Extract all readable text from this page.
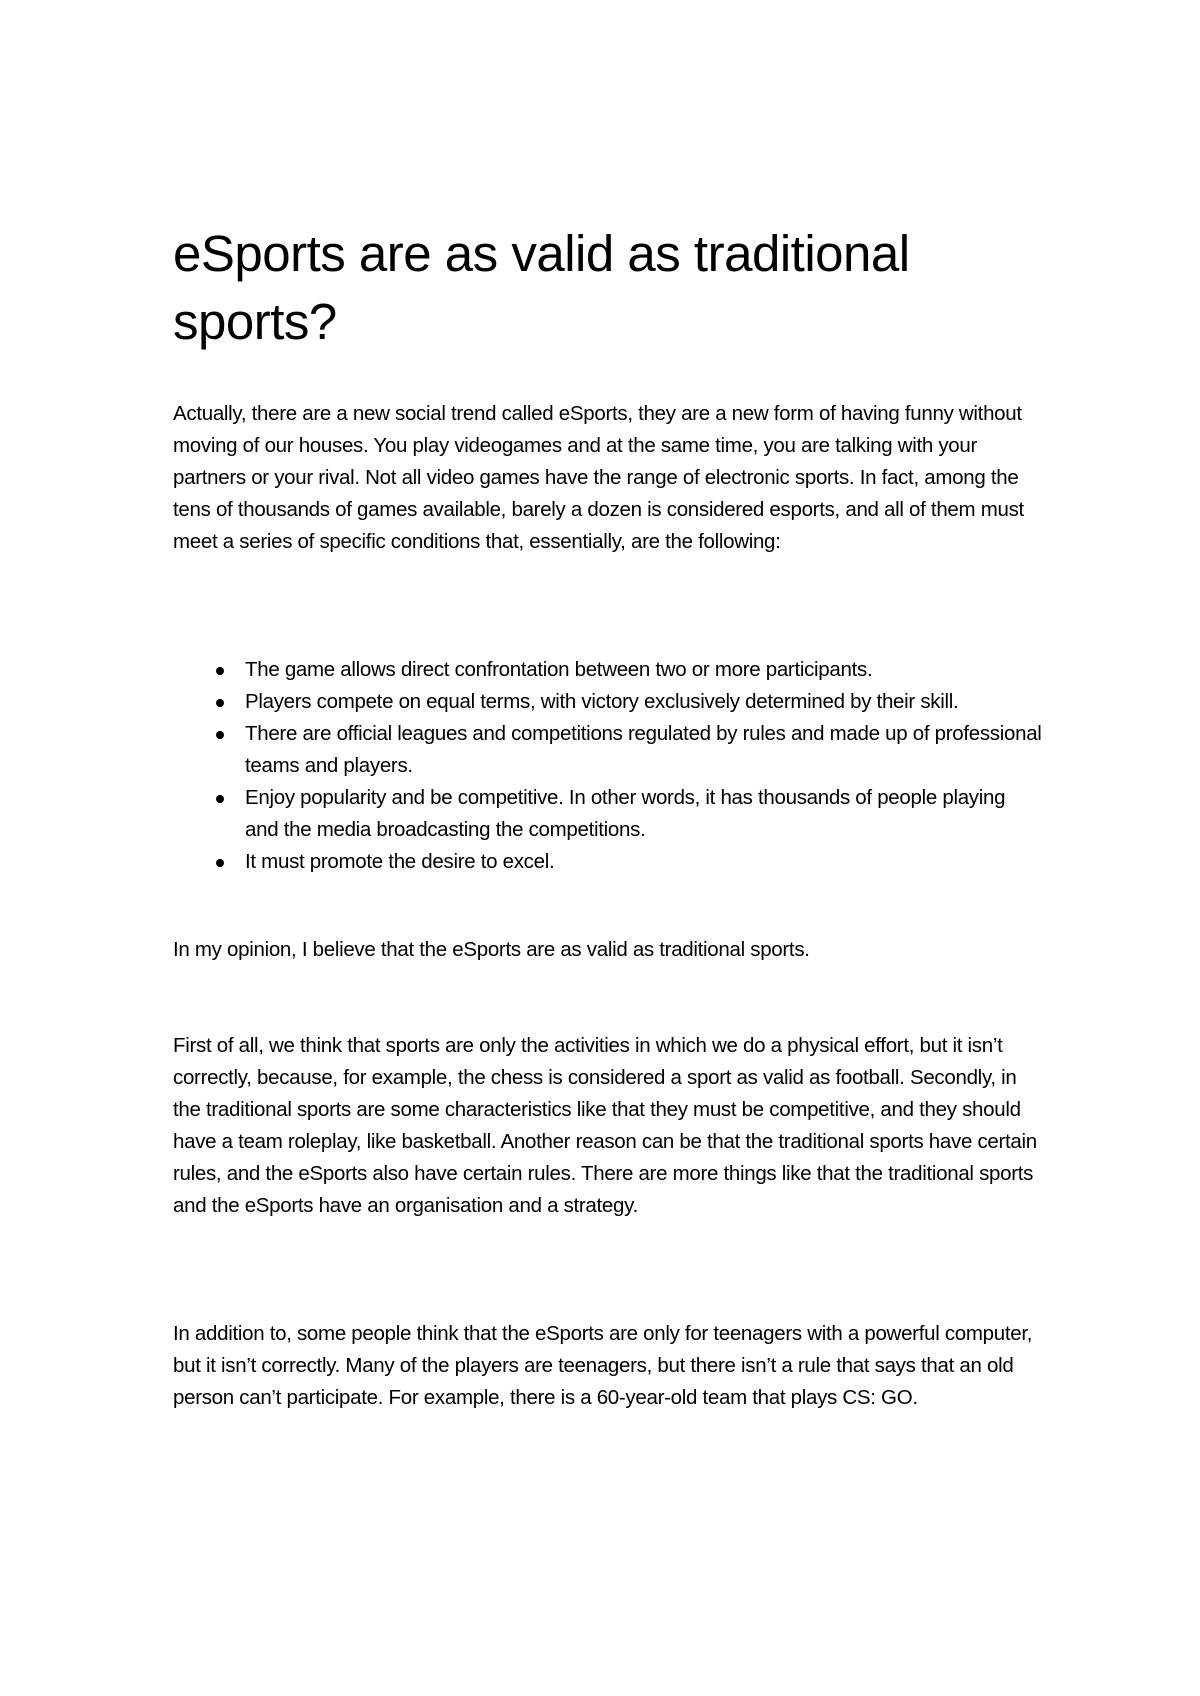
eSports are as valid as traditional sports?

Actually, there are a new social trend called eSports, they are a new form of having funny without moving of our houses. You play videogames and at the same time, you are talking with your partners or your rival. Not all video games have the range of electronic sports. In fact, among the tens of thousands of games available, barely a dozen is considered esports, and all of them must meet a series of specific conditions that, essentially, are the following:

The game allows direct confrontation between two or more participants.
Players compete on equal terms, with victory exclusively determined by their skill.
There are official leagues and competitions regulated by rules and made up of professional teams and players.
Enjoy popularity and be competitive. In other words, it has thousands of people playing and the media broadcasting the competitions.
It must promote the desire to excel.

In my opinion, I believe that the eSports are as valid as traditional sports.

First of all, we think that sports are only the activities in which we do a physical effort, but it isn’t correctly, because, for example, the chess is considered a sport as valid as football. Secondly, in the traditional sports are some characteristics like that they must be competitive, and they should have a team roleplay, like basketball. Another reason can be that the traditional sports have certain rules, and the eSports also have certain rules. There are more things like that the traditional sports and the eSports have an organisation and a strategy.

In addition to, some people think that the eSports are only for teenagers with a powerful computer, but it isn’t correctly. Many of the players are teenagers, but there isn’t a rule that says that an old person can’t participate. For example, there is a 60-year-old team that plays CS: GO.
